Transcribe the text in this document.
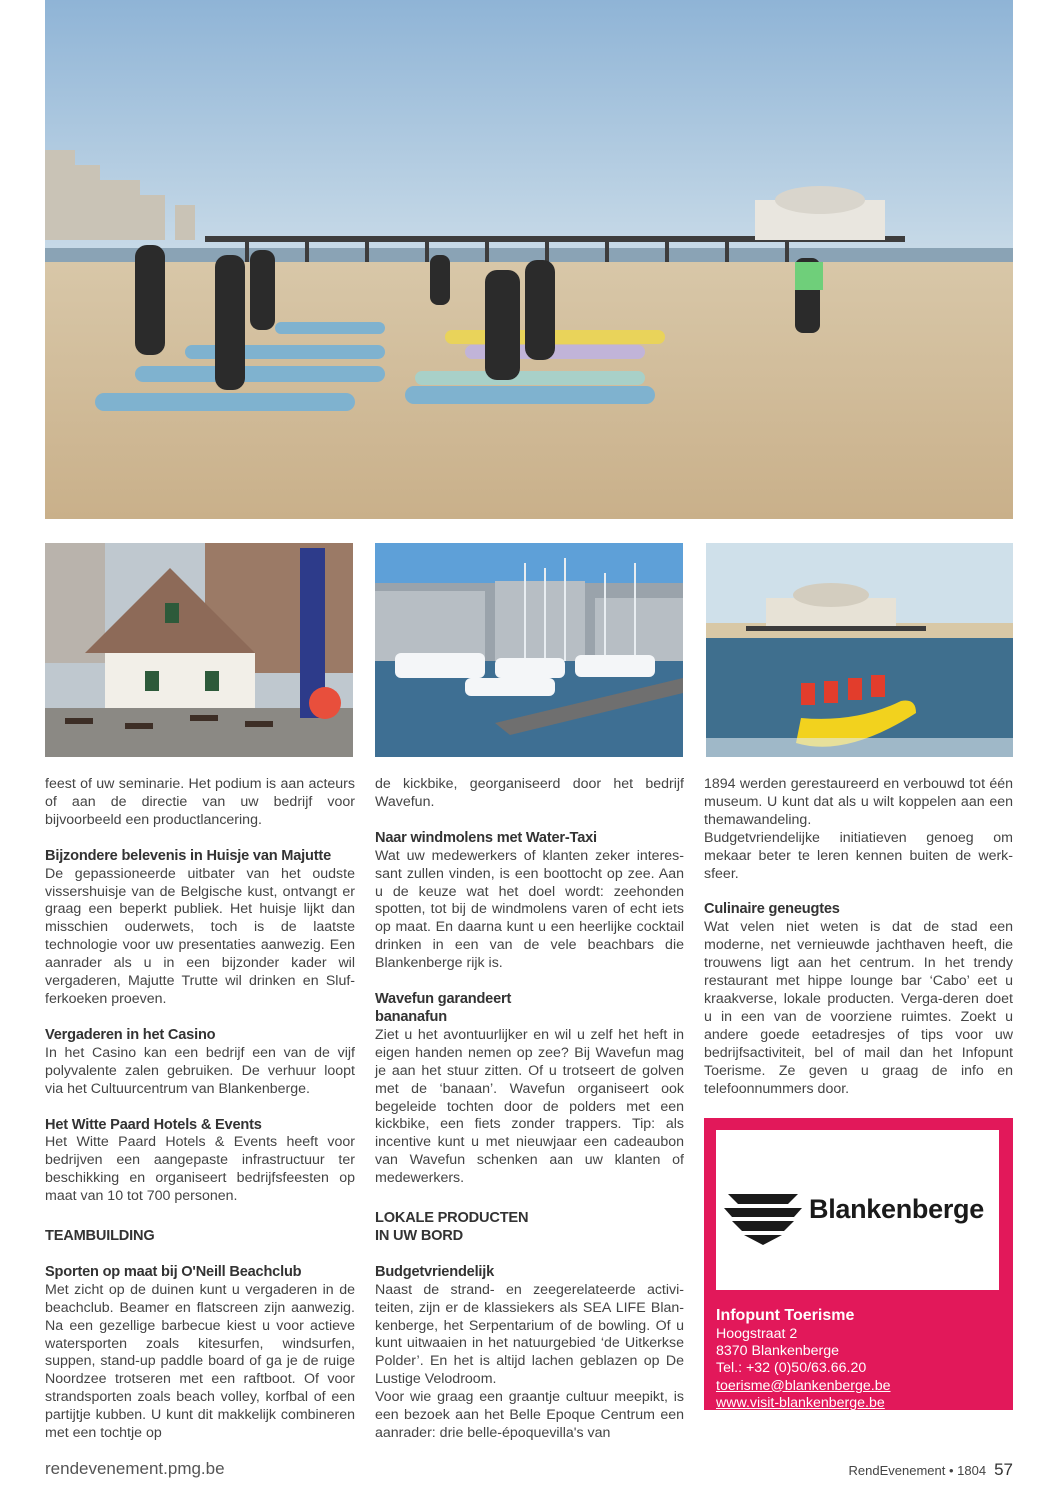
feest of uw seminarie. Het podium is aan acteurs of aan de directie van uw bedrijf voor bijvoorbeeld een productlancering.

Bijzondere belevenis in Huisje van Majutte

De gepassioneerde uitbater van het oudste vissershuisje van de Belgische kust, ontvangt er graag een beperkt publiek. Het huisje lijkt dan misschien ouderwets, toch is de laatste technologie voor uw presentaties aanwezig. Een aanrader als u in een bijzonder kader wil vergaderen, Majutte Trutte wil drinken en Sluf-ferkoeken proeven.

Vergaderen in het Casino

In het Casino kan een bedrijf een van de vijf polyvalente zalen gebruiken. De verhuur loopt via het Cultuurcentrum van Blankenberge.

Het Witte Paard Hotels & Events

Het Witte Paard Hotels & Events heeft voor bedrijven een aangepaste infrastructuur ter beschikking en organiseert bedrijfsfeesten op maat van 10 tot 700 personen.

TEAMBUILDING
Sporten op maat bij O'Neill Beachclub

Met zicht op de duinen kunt u vergaderen in de beachclub. Beamer en flatscreen zijn aanwezig. Na een gezellige barbecue kiest u voor actieve watersporten zoals kitesurfen, windsurfen, suppen, stand-up paddle board of ga je de ruige Noordzee trotseren met een raftboot. Of voor strandsporten zoals beach volley, korfbal of een partijtje kubben. U kunt dit makkelijk combineren met een tochtje op

de kickbike, georganiseerd door het bedrijf Wavefun.

Naar windmolens met Water-Taxi

Wat uw medewerkers of klanten zeker interes-sant zullen vinden, is een boottocht op zee. Aan u de keuze wat het doel wordt: zeehonden spotten, tot bij de windmolens varen of echt iets op maat. En daarna kunt u een heerlijke cocktail drinken in een van de vele beachbars die Blankenberge rijk is.

Wavefun garandeert
bananafun

Ziet u het avontuurlijker en wil u zelf het heft in eigen handen nemen op zee? Bij Wavefun mag je aan het stuur zitten. Of u trotseert de golven met de ‘banaan’. Wavefun organiseert ook begeleide tochten door de polders met een kickbike, een fiets zonder trappers. Tip: als incentive kunt u met nieuwjaar een cadeaubon van Wavefun schenken aan uw klanten of medewerkers.

LOKALE PRODUCTEN
IN UW BORD
Budgetvriendelijk

Naast de strand- en zeegerelateerde activi-teiten, zijn er de klassiekers als SEA LIFE Blan-kenberge, het Serpentarium of de bowling. Of u kunt uitwaaien in het natuurgebied ‘de Uitkerkse Polder’. En het is altijd lachen geblazen op De Lustige Velodroom.

Voor wie graag een graantje cultuur meepikt, is een bezoek aan het Belle Epoque Centrum een aanrader: drie belle-époquevilla's van

1894 werden gerestaureerd en verbouwd tot één museum. U kunt dat als u wilt koppelen aan een themawandeling.

Budgetvriendelijke initiatieven genoeg om mekaar beter te leren kennen buiten de werk-sfeer.

Culinaire geneugtes

Wat velen niet weten is dat de stad een moderne, net vernieuwde jachthaven heeft, die trouwens ligt aan het centrum. In het trendy restaurant met hippe lounge bar ‘Cabo’ eet u kraakverse, lokale producten. Verga-deren doet u in een van de voorziene ruimtes. Zoekt u andere goede eetadresjes of tips voor uw bedrijfsactiviteit, bel of mail dan het Infopunt Toerisme. Ze geven u graag de info en telefoonnummers door.

Blankenberge
Infopunt Toerisme
Hoogstraat 2
8370 Blankenberge
Tel.: +32 (0)50/63.66.20
toerisme@blankenberge.be
www.visit-blankenberge.be
rendevenement.pmg.be	RendEvenement • 1804 57
